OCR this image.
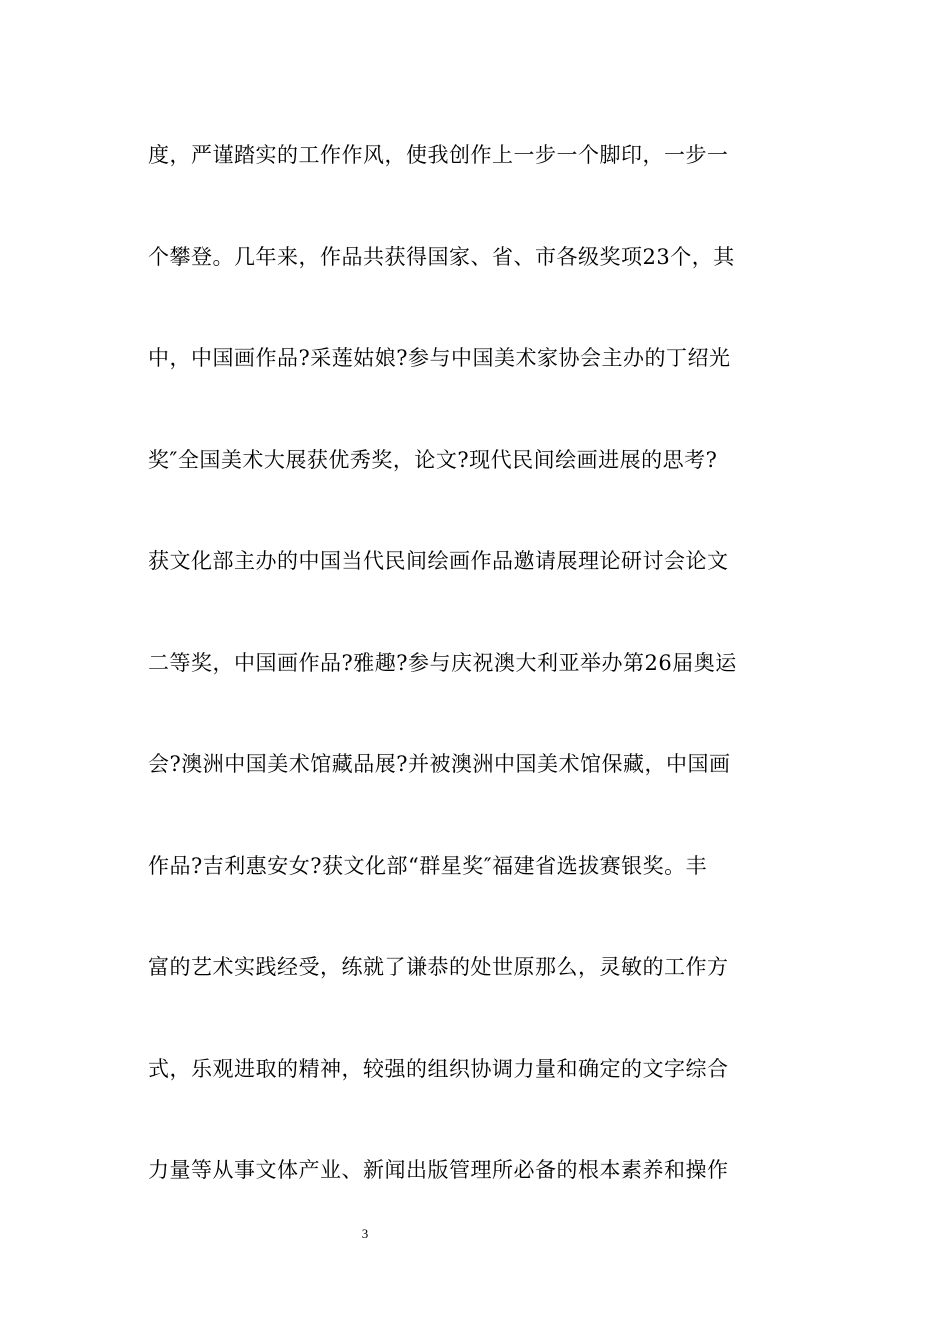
度，严谨踏实的工作作风，使我创作上一步一个脚印，一步一
个攀登。几年来，作品共获得国家、省、市各级奖项23个，其
中，中国画作品?采莲姑娘?参与中国美术家协会主办的丁绍光
奖″全国美术大展获优秀奖，论文?现代民间绘画进展的思考?
获文化部主办的中国当代民间绘画作品邀请展理论研讨会论文
二等奖，中国画作品?雅趣?参与庆祝澳大利亚举办第26届奥运
会?澳洲中国美术馆藏品展?并被澳洲中国美术馆保藏，中国画
作品?吉利惠安女?获文化部“群星奖″福建省选拔赛银奖。丰
富的艺术实践经受，练就了谦恭的处世原那么，灵敏的工作方
式，乐观进取的精神，较强的组织协调力量和确定的文字综合
力量等从事文体产业、新闻出版管理所必备的根本素养和操作
3
